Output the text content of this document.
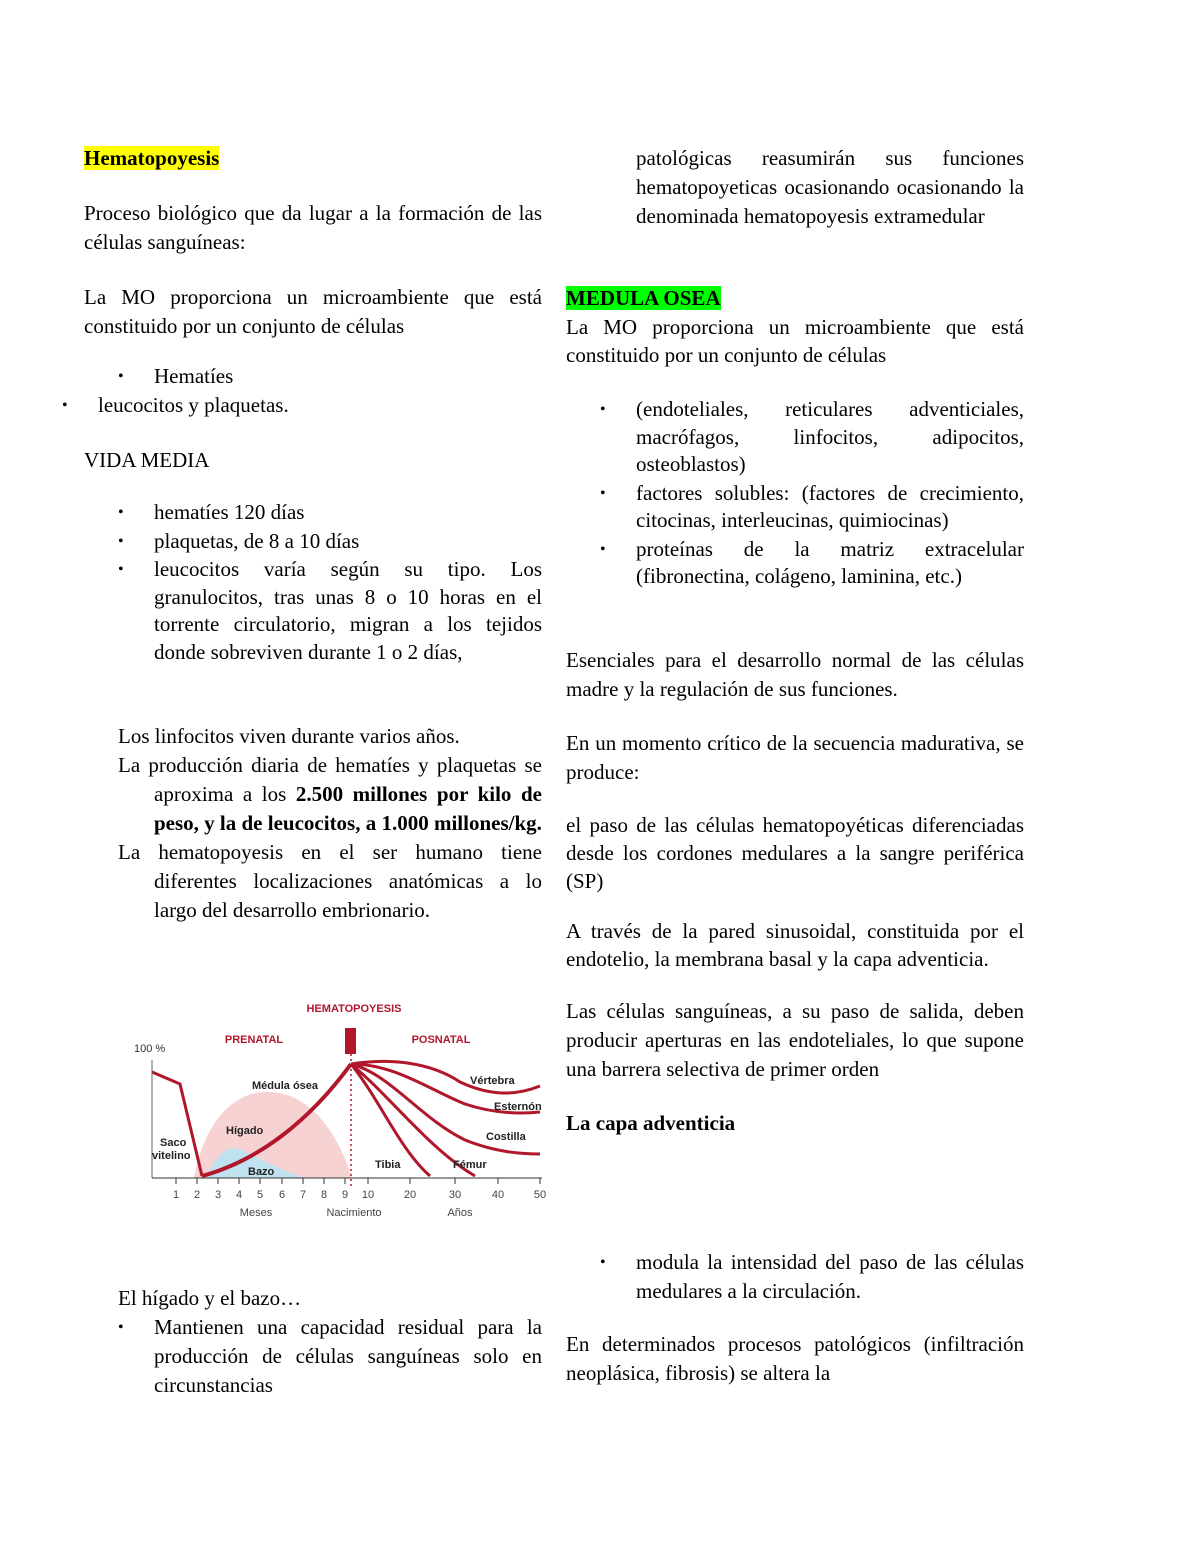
Hematopoyesis

Proceso biológico que da lugar a la formación de las células sanguíneas:

La MO proporciona un microambiente que está constituido por un conjunto de células

• Hematíes

• leucocitos y plaquetas.

VIDA MEDIA

• hematíes 120 días

• plaquetas, de 8 a 10 días

• leucocitos varía según su tipo. Los granulocitos, tras unas 8 o 10 horas en el torrente circulatorio, migran a los tejidos donde sobreviven durante 1 o 2 días,

Los linfocitos viven durante varios años.

La producción diaria de hematíes y plaquetas se aproxima a los 2.500 millones por kilo de peso, y la de leucocitos, a 1.000 millones/kg.

La hematopoyesis en el ser humano tiene diferentes localizaciones anatómicas a lo largo del desarrollo embrionario.

HEMATOPOYESIS
PRENATAL	POSNATAL
100 %
1 2 3 4 5 6 7 8 9 10	20	30	40	50
Médula ósea
Hígado
Saco
vitelino
Bazo
Vértebra
Esternón
Costilla
Tibia	Fémur
Meses	Nacimiento	Años

El hígado y el bazo…

• Mantienen una capacidad residual para la producción de células sanguíneas solo en circunstancias

patológicas reasumirán sus funciones hematopoyeticas ocasionando ocasionando la denominada hematopoyesis extramedular

MEDULA OSEA

La MO proporciona un microambiente que está constituido por un conjunto de células

• (endoteliales, reticulares adventiciales, macrófagos, linfocitos, adipocitos, osteoblastos)

• factores solubles: (factores de crecimiento, citocinas, interleucinas, quimiocinas)

• proteínas de la matriz extracelular (fibronectina, colágeno, laminina, etc.)

Esenciales para el desarrollo normal de las células madre y la regulación de sus funciones.

En un momento crítico de la secuencia madurativa, se produce:

el paso de las células hematopoyéticas diferenciadas desde los cordones medulares a la sangre periférica (SP)

A través de la pared sinusoidal, constituida por el endotelio, la membrana basal y la capa adventicia.

Las células sanguíneas, a su paso de salida, deben producir aperturas en las endoteliales, lo que supone una barrera selectiva de primer orden

La capa adventicia

• modula la intensidad del paso de las células medulares a la circulación.

En determinados procesos patológicos (infiltración neoplásica, fibrosis) se altera la
